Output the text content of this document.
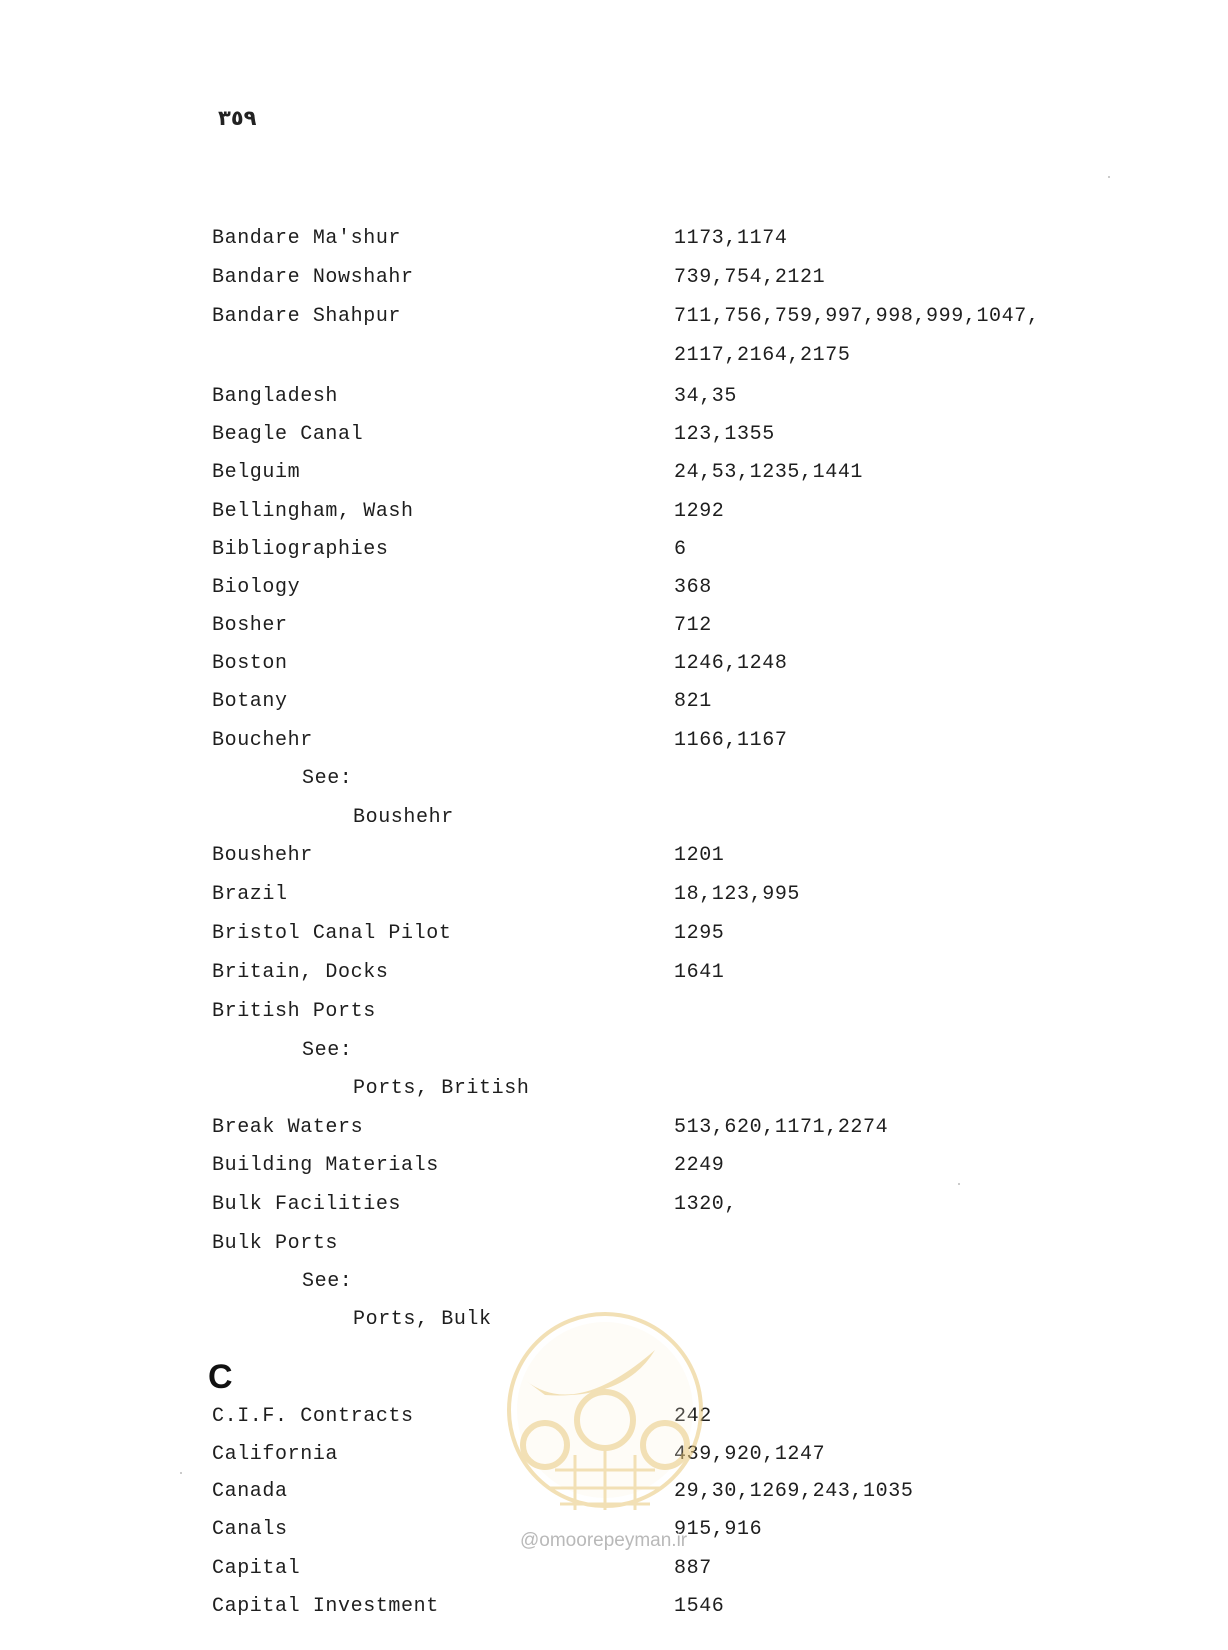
٣٥٩
Bandare Ma'shur	1173,1174
Bandare Nowshahr	739,754,2121
Bandare Shahpur	711,756,759,997,998,999,1047,
2117,2164,2175
Bangladesh	34,35
Beagle Canal	123,1355
Belguim	24,53,1235,1441
Bellingham, Wash	1292
Bibliographies	6
Biology	368
Bosher	712
Boston	1246,1248
Botany	821
Bouchehr	1166,1167
See:
Boushehr
Boushehr	1201
Brazil	18,123,995
Bristol Canal Pilot	1295
Britain, Docks	1641
British Ports
See:
Ports, British
Break Waters	513,620,1171,2274
Building Materials	2249
Bulk Facilities	1320,
Bulk Ports
See:
Ports, Bulk
C
C.I.F. Contracts	242
California	439,920,1247
Canada	29,30,1269,243,1035
Canals	915,916
Capital	887
Capital Investment	1546
@omoorepeyman.ir
